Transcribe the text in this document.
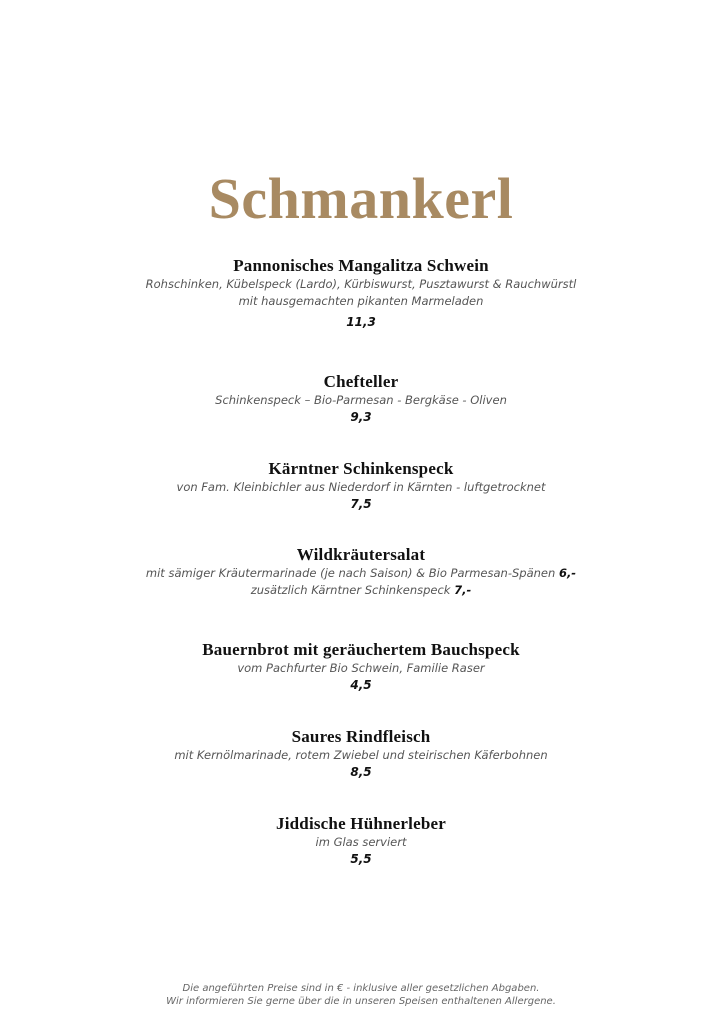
Schmankerl
Pannonisches Mangalitza Schwein
Rohschinken, Kübelspeck (Lardo), Kürbiswurst, Pusztawurst & Rauchwürstl
mit hausgemachten pikanten Marmeladen
11,3
Chefteller
Schinkenspeck – Bio-Parmesan - Bergkäse - Oliven
9,3
Kärntner Schinkenspeck
von Fam. Kleinbichler aus Niederdorf in Kärnten - luftgetrocknet
7,5
Wildkräutersalat
mit sämiger Kräutermarinade (je nach Saison) & Bio Parmesan-Spänen 6,-
zusätzlich Kärntner Schinkenspeck 7,-
Bauernbrot mit geräuchertem Bauchspeck
vom Pachfurter Bio Schwein, Familie Raser
4,5
Saures Rindfleisch
mit Kernölmarinade, rotem Zwiebel und steirischen Käferbohnen
8,5
Jiddische Hühnerleber
im Glas serviert
5,5
Die angeführten Preise sind in € - inklusive aller gesetzlichen Abgaben.
Wir informieren Sie gerne über die in unseren Speisen enthaltenen Allergene.
